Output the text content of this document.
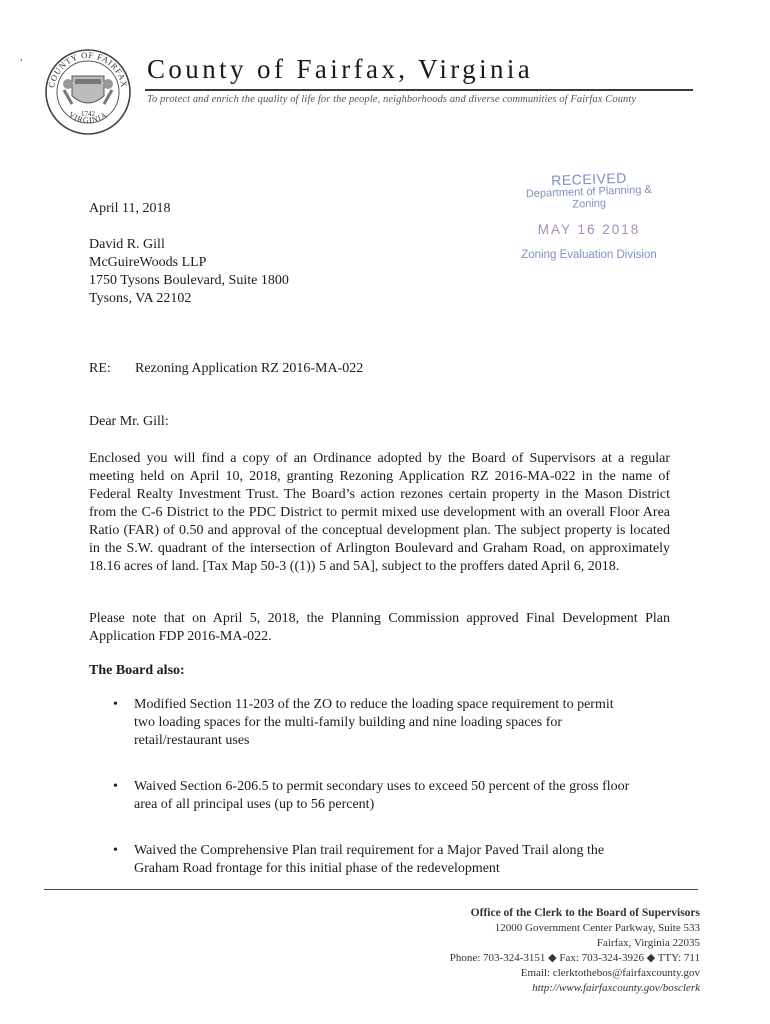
,
COUNTY OF FAIRFAX
VIRGINIA
1742
County of Fairfax, Virginia
To protect and enrich the quality of life for the people, neighborhoods and diverse communities of Fairfax County
RECEIVED
Department of Planning & Zoning
MAY 16 2018
Zoning Evaluation Division
April 11, 2018
David R. Gill
McGuireWoods LLP
1750 Tysons Boulevard, Suite 1800
Tysons, VA 22102
RE: Rezoning Application RZ 2016-MA-022
Dear Mr. Gill:
Enclosed you will find a copy of an Ordinance adopted by the Board of Supervisors at a regular meeting held on April 10, 2018, granting Rezoning Application RZ 2016-MA-022 in the name of Federal Realty Investment Trust. The Board’s action rezones certain property in the Mason District from the C-6 District to the PDC District to permit mixed use development with an overall Floor Area Ratio (FAR) of 0.50 and approval of the conceptual development plan. The subject property is located in the S.W. quadrant of the intersection of Arlington Boulevard and Graham Road, on approximately 18.16 acres of land. [Tax Map 50-3 ((1)) 5 and 5A], subject to the proffers dated April 6, 2018.
Please note that on April 5, 2018, the Planning Commission approved Final Development Plan Application FDP 2016-MA-022.
The Board also:
• Modified Section 11-203 of the ZO to reduce the loading space requirement to permit two loading spaces for the multi-family building and nine loading spaces for retail/restaurant uses
• Waived Section 6-206.5 to permit secondary uses to exceed 50 percent of the gross floor area of all principal uses (up to 56 percent)
• Waived the Comprehensive Plan trail requirement for a Major Paved Trail along the Graham Road frontage for this initial phase of the redevelopment
Office of the Clerk to the Board of Supervisors
12000 Government Center Parkway, Suite 533
Fairfax, Virginia 22035
Phone: 703-324-3151 ◆ Fax: 703-324-3926 ◆ TTY: 711
Email: clerktothebos@fairfaxcounty.gov
http://www.fairfaxcounty.gov/bosclerk
